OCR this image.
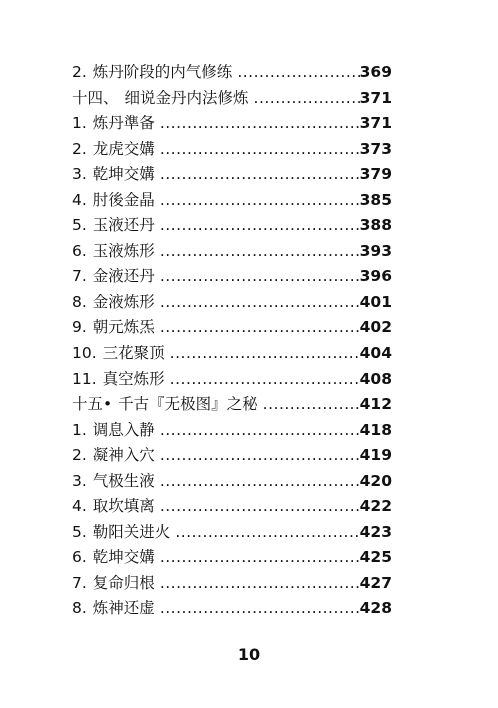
2. 炼丹阶段的内气修练 .....	369
十四、 细说金丹内法修炼 .....	371
1. 炼丹準备 .....	371
2. 龙虎交媾 .....	373
3. 乾坤交媾 .....	379
4. 肘後金晶 .....	385
5. 玉液还丹 .....	388
6. 玉液炼形 .....	393
7. 金液还丹 .....	396
8. 金液炼形 .....	401
9. 朝元炼炁 .....	402
10. 三花聚顶 .....	404
11. 真空炼形 .....	408
十五• 千古『无极图』之秘 .....	412
1. 调息入静 .....	418
2. 凝神入穴 .....	419
3. 气极生液 .....	420
4. 取坎填离 .....	422
5. 勒阳关进火 .....	423
6. 乾坤交媾 .....	425
7. 复命归根 .....	427
8. 炼神还虚 .....	428
10
